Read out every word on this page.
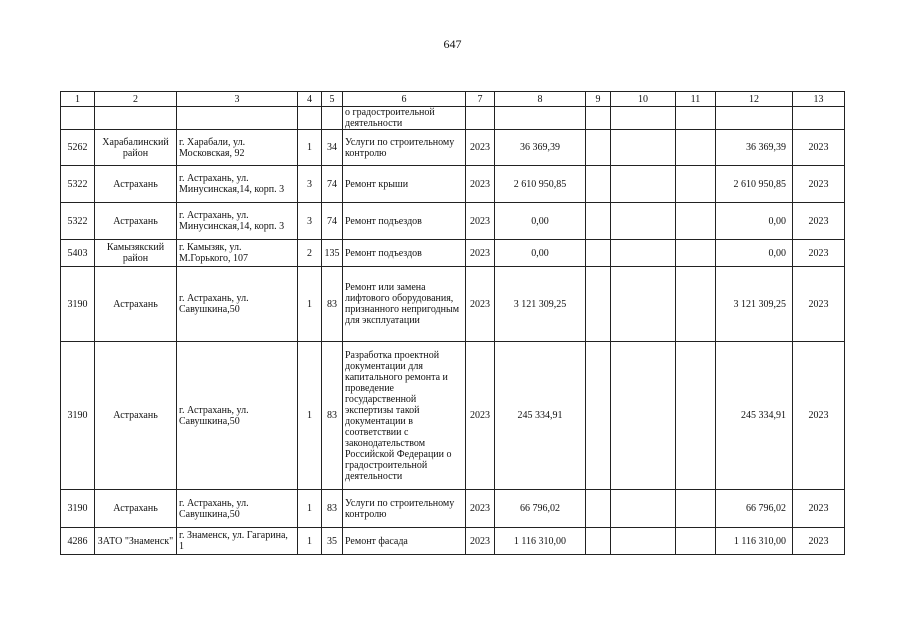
647
1	2	3	4	5	6	7	8	9	10	11	12	13
					о градостроительной деятельности							
5262	Харабалинский район	г. Харабали, ул. Московская, 92	1	34	Услуги по строительному контролю	2023	36 369,39				36 369,39	2023
5322	Астрахань	г. Астрахань, ул. Минусинская,14, корп. 3	3	74	Ремонт крыши	2023	2 610 950,85				2 610 950,85	2023
5322	Астрахань	г. Астрахань, ул. Минусинская,14, корп. 3	3	74	Ремонт подъездов	2023	0,00				0,00	2023
5403	Камызякский район	г. Камызяк, ул. М.Горького, 107	2	135	Ремонт подъездов	2023	0,00				0,00	2023
3190	Астрахань	г. Астрахань, ул. Савушкина,50	1	83	Ремонт или замена лифтового оборудования, признанного непригодным для эксплуатации	2023	3 121 309,25				3 121 309,25	2023
3190	Астрахань	г. Астрахань, ул. Савушкина,50	1	83	Разработка проектной документации для капитального ремонта и проведение государственной экспертизы такой документации в соответствии с законодательством Российской Федерации о градостроительной деятельности	2023	245 334,91				245 334,91	2023
3190	Астрахань	г. Астрахань, ул. Савушкина,50	1	83	Услуги по строительному контролю	2023	66 796,02				66 796,02	2023
4286	ЗАТО "Знаменск"	г. Знаменск, ул. Гагарина, 1	1	35	Ремонт фасада	2023	1 116 310,00				1 116 310,00	2023
